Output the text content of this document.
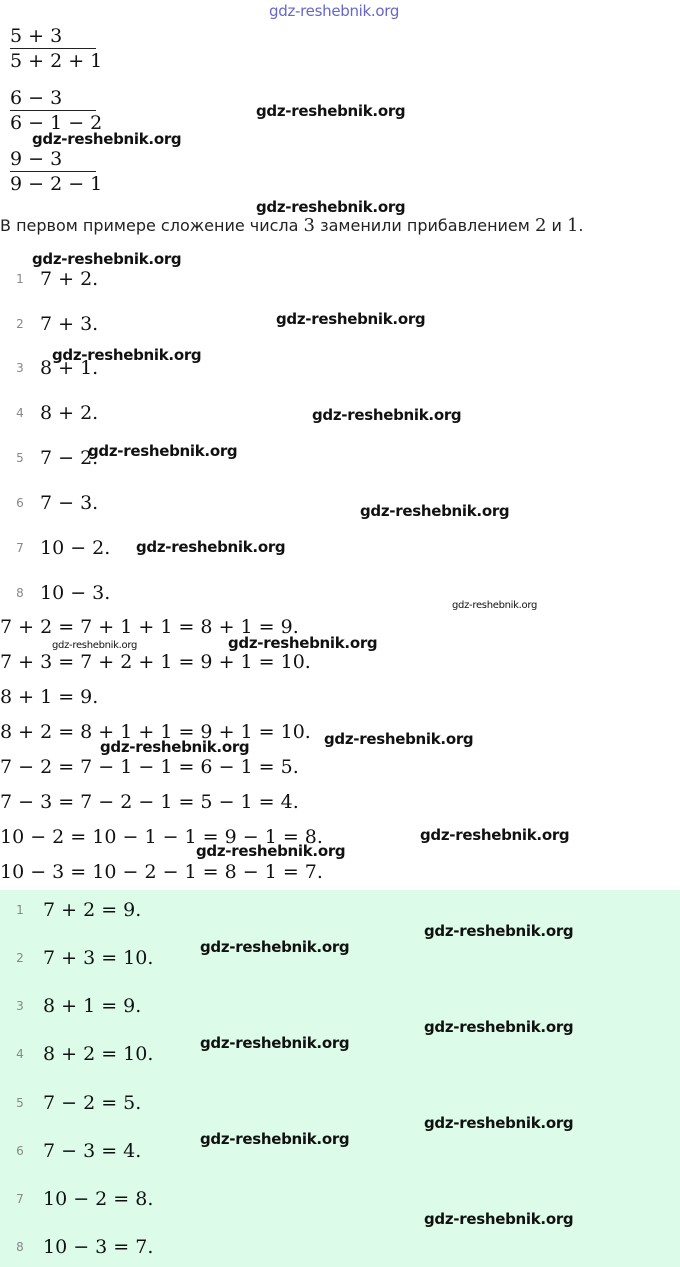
gdz-reshebnik.org
5 + 3
5 + 2 + 1
6 − 3
6 − 1 − 2
9 − 3
9 − 2 − 1
В первом примере сложение числа 3 заменили прибавлением 2 и 1.
1 7 + 2.
2 7 + 3.
3 8 + 1.
4 8 + 2.
5 7 − 2.
6 7 − 3.
7 10 − 2.
8 10 − 3.
7 + 2 = 7 + 1 + 1 = 8 + 1 = 9.
7 + 3 = 7 + 2 + 1 = 9 + 1 = 10.
8 + 1 = 9.
8 + 2 = 8 + 1 + 1 = 9 + 1 = 10.
7 − 2 = 7 − 1 − 1 = 6 − 1 = 5.
7 − 3 = 7 − 2 − 1 = 5 − 1 = 4.
10 − 2 = 10 − 1 − 1 = 9 − 1 = 8.
10 − 3 = 10 − 2 − 1 = 8 − 1 = 7.
1	7 + 2 = 9.
2	7 + 3 = 10.
3	8 + 1 = 9.
4	8 + 2 = 10.
5	7 − 2 = 5.
6	7 − 3 = 4.
7	10 − 2 = 8.
8	10 − 3 = 7.
gdz-reshebnik.org
gdz-reshebnik.org
gdz-reshebnik.org
gdz-reshebnik.org
gdz-reshebnik.org
gdz-reshebnik.org
gdz-reshebnik.org
gdz-reshebnik.org
gdz-reshebnik.org
gdz-reshebnik.org
gdz-reshebnik.org
gdz-reshebnik.org	gdz-reshebnik.org
gdz-reshebnik.org
gdz-reshebnik.org
gdz-reshebnik.org
gdz-reshebnik.org
gdz-reshebnik.org
gdz-reshebnik.org
gdz-reshebnik.org
gdz-reshebnik.org
gdz-reshebnik.org
gdz-reshebnik.org
gdz-reshebnik.org
